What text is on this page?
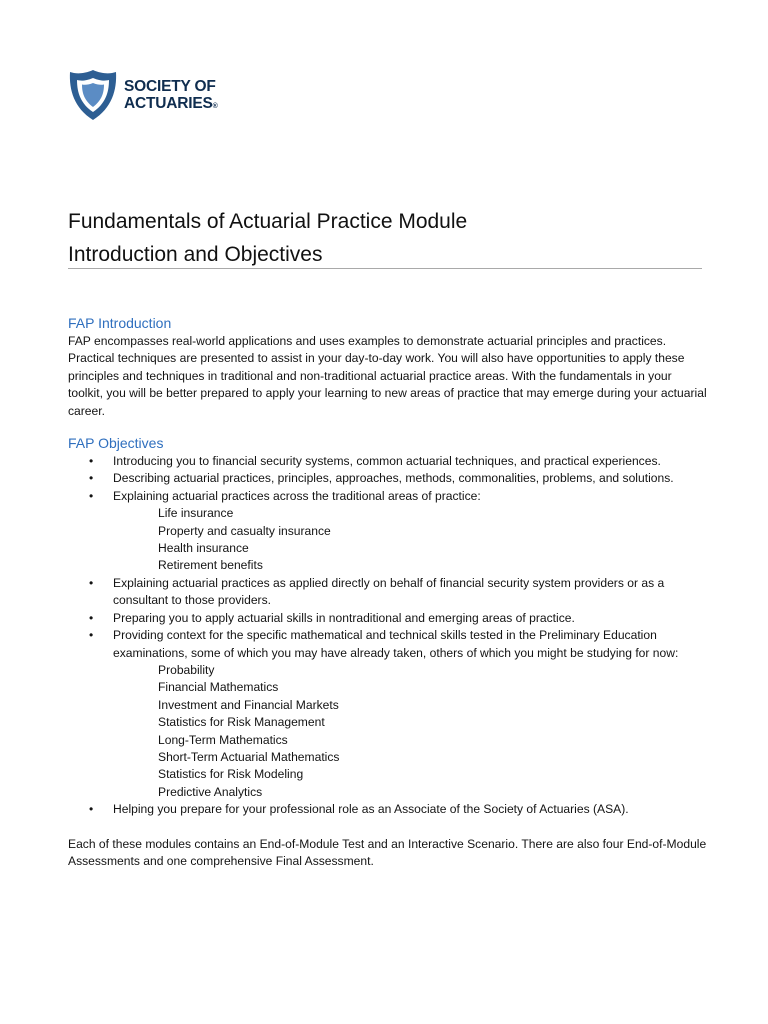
SOCIETY OF
ACTUARIES®
Fundamentals of Actuarial Practice Module
Introduction and Objectives

FAP Introduction

FAP encompasses real-world applications and uses examples to demonstrate actuarial principles and practices. Practical techniques are presented to assist in your day-to-day work. You will also have opportunities to apply these principles and techniques in traditional and non-traditional actuarial practice areas. With the fundamentals in your toolkit, you will be better prepared to apply your learning to new areas of practice that may emerge during your actuarial career.

FAP Objectives

• Introducing you to financial security systems, common actuarial techniques, and practical experiences.
• Describing actuarial practices, principles, approaches, methods, commonalities, problems, and solutions.
• Explaining actuarial practices across the traditional areas of practice:
Life insurance
Property and casualty insurance
Health insurance
Retirement benefits
• Explaining actuarial practices as applied directly on behalf of financial security system providers or as a consultant to those providers.
• Preparing you to apply actuarial skills in nontraditional and emerging areas of practice.
• Providing context for the specific mathematical and technical skills tested in the Preliminary Education examinations, some of which you may have already taken, others of which you might be studying for now:
Probability
Financial Mathematics
Investment and Financial Markets
Statistics for Risk Management
Long-Term Mathematics
Short-Term Actuarial Mathematics
Statistics for Risk Modeling
Predictive Analytics
• Helping you prepare for your professional role as an Associate of the Society of Actuaries (ASA).

Each of these modules contains an End-of-Module Test and an Interactive Scenario. There are also four End-of-Module Assessments and one comprehensive Final Assessment.
